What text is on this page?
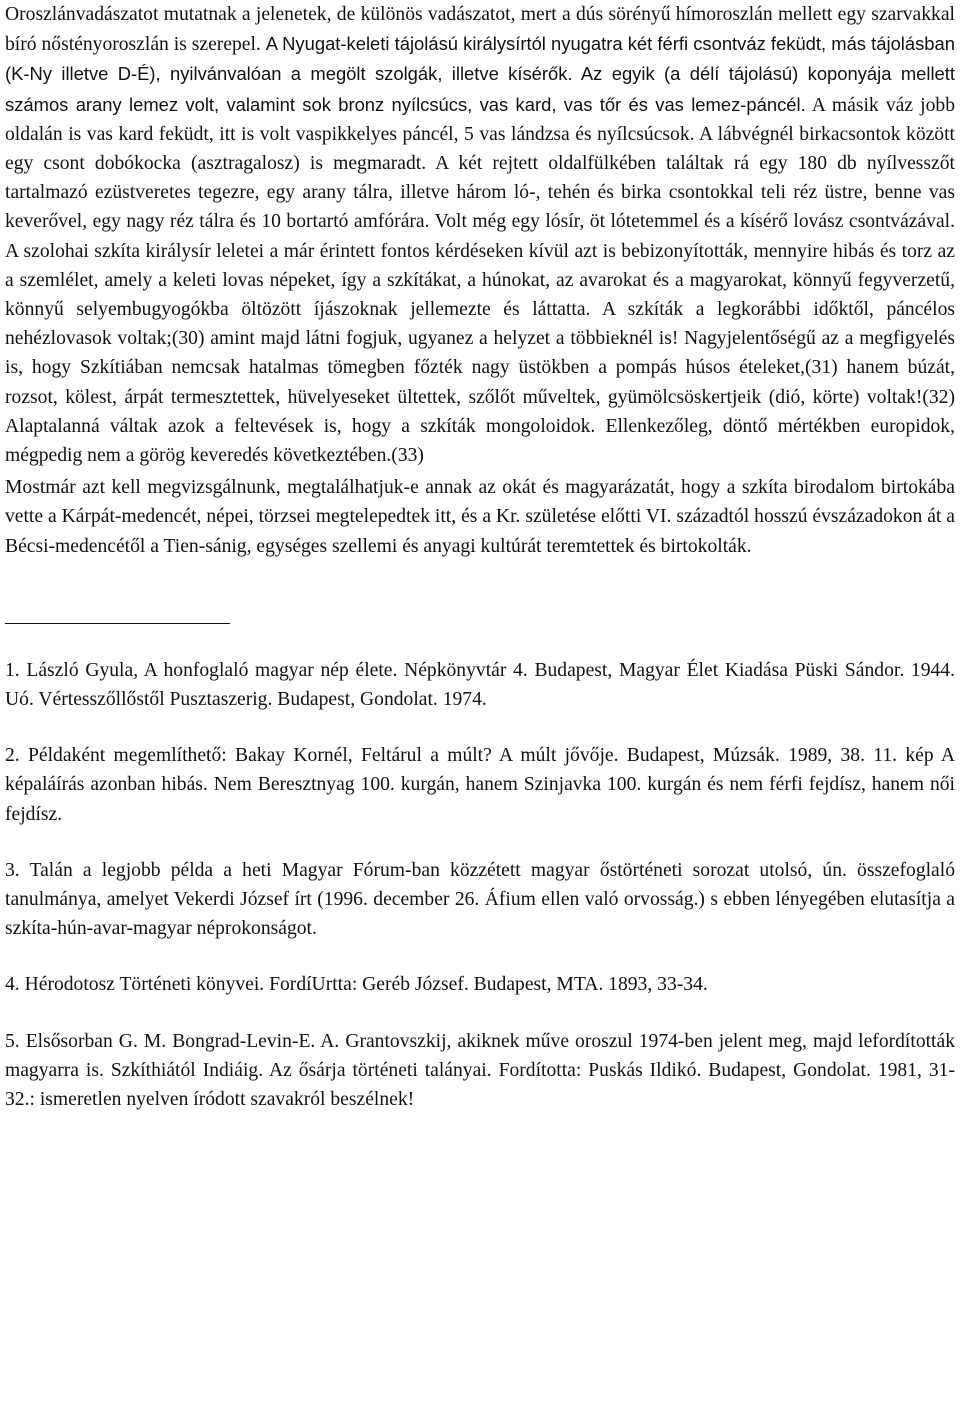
Oroszlánvadászatot mutatnak a jelenetek, de különös vadászatot, mert a dús sörényű hímoroszlán mellett egy szarvakkal bíró nőstényoroszlán is szerepel. A Nyugat-keleti tájolású királysírtól nyugatra két férfi csontváz feküdt, más tájolásban (K-Ny illetve D-É), nyilvánvalóan a megölt szolgák, illetve kísérők. Az egyik (a délí tájolású) koponyája mellett számos arany lemez volt, valamint sok bronz nyílcsúcs, vas kard, vas tőr és vas lemez-páncél. A másik váz jobb oldalán is vas kard feküdt, itt is volt vaspikkelyes páncél, 5 vas lándzsa és nyílcsúcsok. A lábvégnél birkacsontok között egy csont dobókocka (asztragalosz) is megmaradt. A két rejtett oldalfülkében találtak rá egy 180 db nyílvesszőt tartalmazó ezüstveretes tegezre, egy arany tálra, illetve három ló-, tehén és birka csontokkal teli réz üstre, benne vas keverővel, egy nagy réz tálra és 10 bortartó amfórára. Volt még egy lósír, öt lótetemmel és a kísérő lovász csontvázával. A szolohai szkíta királysír leletei a már érintett fontos kérdéseken kívül azt is bebizonyították, mennyire hibás és torz az a szemlélet, amely a keleti lovas népeket, így a szkítákat, a húnokat, az avarokat és a magyarokat, könnyű fegyverzetű, könnyű selyembugyogókba öltözött íjászoknak jellemezte és láttatta. A szkíták a legkorábbi időktől, páncélos nehézlovasok voltak;(30) amint majd látni fogjuk, ugyanez a helyzet a többieknél is! Nagyjelentőségű az a megfigyelés is, hogy Szkítiában nemcsak hatalmas tömegben főzték nagy üstökben a pompás húsos ételeket,(31) hanem búzát, rozsot, kölest, árpát termesztettek, hüvelyeseket ültettek, szőlőt műveltek, gyümölcsöskertjeik (dió, körte) voltak!(32) Alaptalanná váltak azok a feltevések is, hogy a szkíták mongoloidok. Ellenkezőleg, döntő mértékben europidok, mégpedig nem a görög keveredés következtében.(33)

Mostmár azt kell megvizsgálnunk, megtalálhatjuk-e annak az okát és magyarázatát, hogy a szkíta birodalom birtokába vette a Kárpát-medencét, népei, törzsei megtelepedtek itt, és a Kr. születése előtti VI. századtól hosszú évszázadokon át a Bécsi-medencétől a Tien-sánig, egységes szellemi és anyagi kultúrát teremtettek és birtokolták.

1. László Gyula, A honfoglaló magyar nép élete. Népkönyvtár 4. Budapest, Magyar Élet Kiadása Püski Sándor. 1944. Uó. Vértesszőllőstől Pusztaszerig. Budapest, Gondolat. 1974.

2. Példaként megemlíthető: Bakay Kornél, Feltárul a múlt? A múlt jővője. Budapest, Múzsák. 1989, 38. 11. kép A képaláírás azonban hibás. Nem Beresztnyag 100. kurgán, hanem Szinjavka 100. kurgán és nem férfi fejdísz, hanem női fejdísz.

3. Talán a legjobb példa a heti Magyar Fórum-ban közzétett magyar őstörténeti sorozat utolsó, ún. összefoglaló tanulmánya, amelyet Vekerdi József írt (1996. december 26. Áfium ellen való orvosság.) s ebben lényegében elutasítja a szkíta-hún-avar-magyar néprokonságot.

4. Hérodotosz Történeti könyvei. FordíUrtta: Geréb József. Budapest, MTA. 1893, 33-34.

5. Elsősorban G. M. Bongrad-Levin-E. A. Grantovszkij, akiknek műve oroszul 1974-ben jelent meg, majd lefordították magyarra is. Szkíthiától Indiáig. Az ősárja történeti talányai. Fordította: Puskás Ildikó. Budapest, Gondolat. 1981, 31-32.: ismeretlen nyelven íródott szavakról beszélnek!
